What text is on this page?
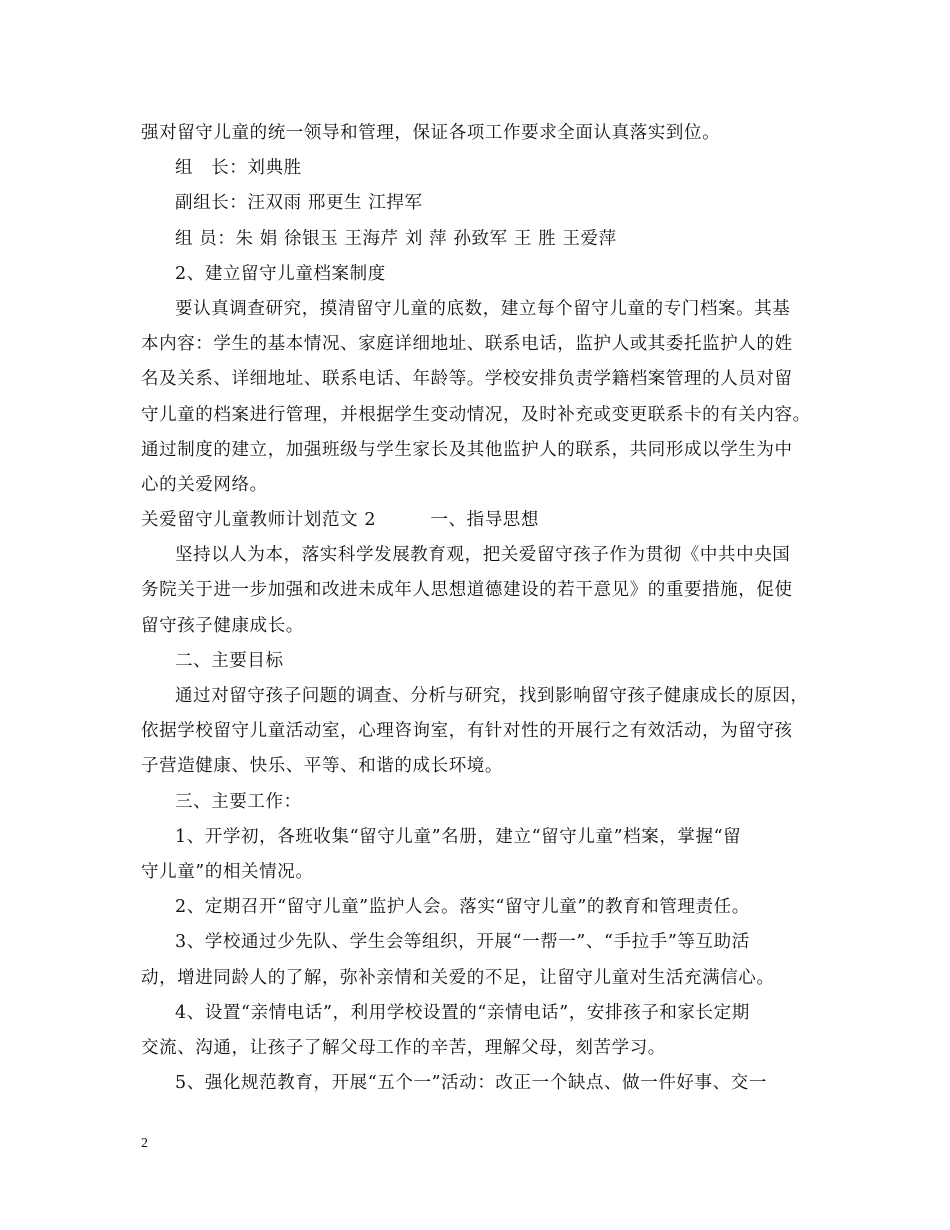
强对留守儿童的统一领导和管理，保证各项工作要求全面认真落实到位。
组　长：刘典胜
副组长：汪双雨 邢更生 江捍军
组 员：朱 娟 徐银玉 王海芹 刘 萍 孙致军 王 胜 王爱萍
2、建立留守儿童档案制度
要认真调查研究，摸清留守儿童的底数，建立每个留守儿童的专门档案。其基
本内容：学生的基本情况、家庭详细地址、联系电话，监护人或其委托监护人的姓
名及关系、详细地址、联系电话、年龄等。学校安排负责学籍档案管理的人员对留
守儿童的档案进行管理，并根据学生变动情况，及时补充或变更联系卡的有关内容。
通过制度的建立，加强班级与学生家长及其他监护人的联系，共同形成以学生为中
心的关爱网络。
关爱留守儿童教师计划范文 2　　　一、指导思想
坚持以人为本，落实科学发展教育观，把关爱留守孩子作为贯彻《中共中央国
务院关于进一步加强和改进未成年人思想道德建设的若干意见》的重要措施，促使
留守孩子健康成长。
二、主要目标
通过对留守孩子问题的调查、分析与研究，找到影响留守孩子健康成长的原因，
依据学校留守儿童活动室，心理咨询室，有针对性的开展行之有效活动，为留守孩
子营造健康、快乐、平等、和谐的成长环境。
三、主要工作：
1、开学初，各班收集“留守儿童”名册，建立“留守儿童”档案，掌握“留
守儿童”的相关情况。
2、定期召开“留守儿童”监护人会。落实“留守儿童”的教育和管理责任。
3、学校通过少先队、学生会等组织，开展“一帮一”、“手拉手”等互助活
动，增进同龄人的了解，弥补亲情和关爱的不足，让留守儿童对生活充满信心。
4、设置“亲情电话”，利用学校设置的“亲情电话”，安排孩子和家长定期
交流、沟通，让孩子了解父母工作的辛苦，理解父母，刻苦学习。
5、强化规范教育，开展“五个一”活动：改正一个缺点、做一件好事、交一
2
